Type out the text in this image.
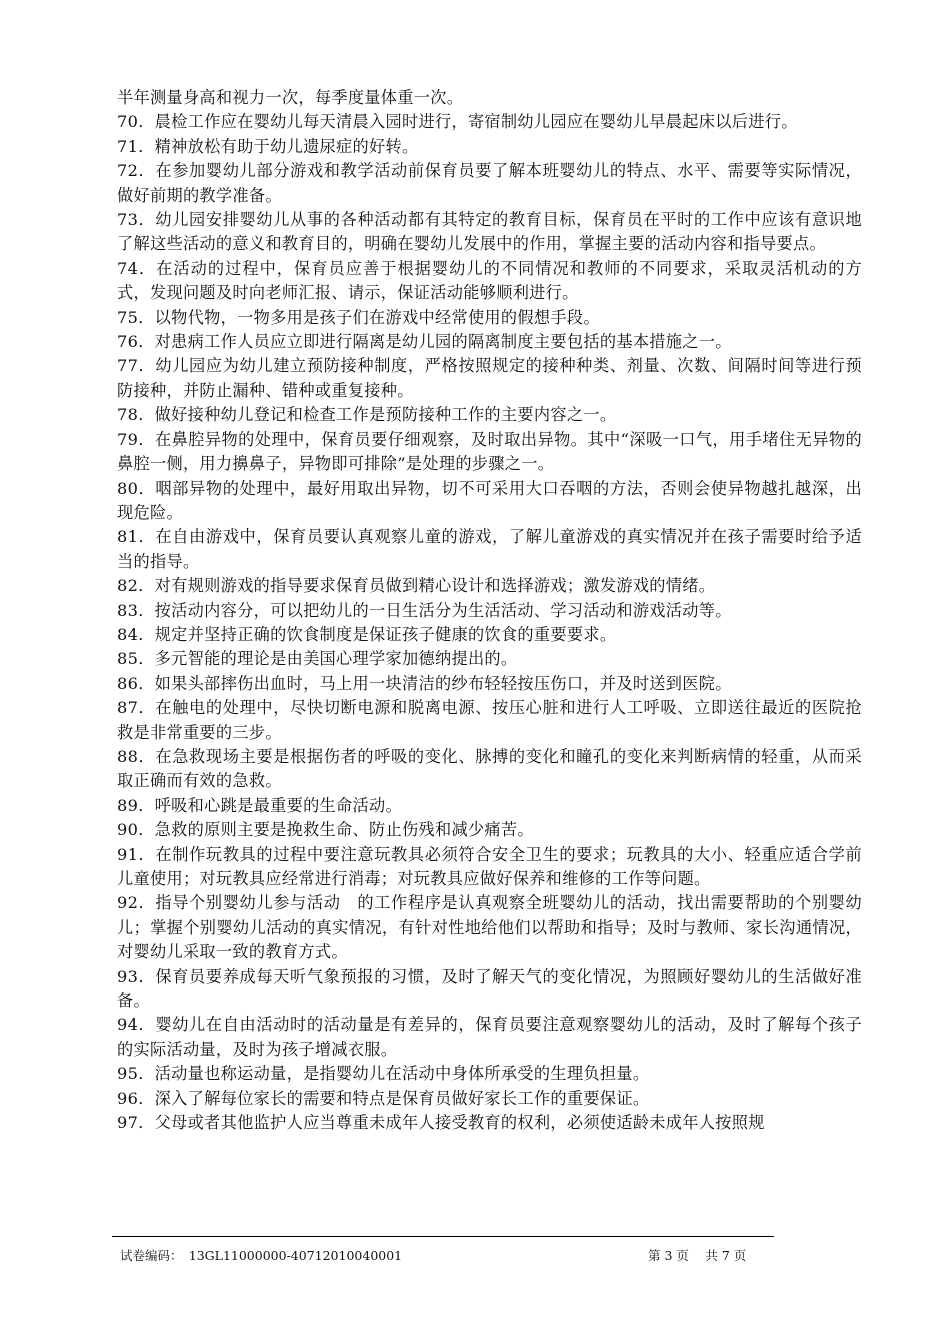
半年测量身高和视力一次，每季度量体重一次。

70．晨检工作应在婴幼儿每天清晨入园时进行，寄宿制幼儿园应在婴幼儿早晨起床以后进行。

71．精神放松有助于幼儿遗尿症的好转。

72．在参加婴幼儿部分游戏和教学活动前保育员要了解本班婴幼儿的特点、水平、需要等实际情况，做好前期的教学准备。

73．幼儿园安排婴幼儿从事的各种活动都有其特定的教育目标，保育员在平时的工作中应该有意识地了解这些活动的意义和教育目的，明确在婴幼儿发展中的作用，掌握主要的活动内容和指导要点。

74．在活动的过程中，保育员应善于根据婴幼儿的不同情况和教师的不同要求，采取灵活机动的方式，发现问题及时向老师汇报、请示，保证活动能够顺利进行。

75．以物代物，一物多用是孩子们在游戏中经常使用的假想手段。

76．对患病工作人员应立即进行隔离是幼儿园的隔离制度主要包括的基本措施之一。

77．幼儿园应为幼儿建立预防接种制度，严格按照规定的接种种类、剂量、次数、间隔时间等进行预防接种，并防止漏种、错种或重复接种。

78．做好接种幼儿登记和检查工作是预防接种工作的主要内容之一。

79．在鼻腔异物的处理中，保育员要仔细观察，及时取出异物。其中“深吸一口气，用手堵住无异物的鼻腔一侧，用力擤鼻子，异物即可排除”是处理的步骤之一。

80．咽部异物的处理中，最好用取出异物，切不可采用大口吞咽的方法，否则会使异物越扎越深，出现危险。

81．在自由游戏中，保育员要认真观察儿童的游戏，了解儿童游戏的真实情况并在孩子需要时给予适当的指导。

82．对有规则游戏的指导要求保育员做到精心设计和选择游戏；激发游戏的情绪。

83．按活动内容分，可以把幼儿的一日生活分为生活活动、学习活动和游戏活动等。

84．规定并坚持正确的饮食制度是保证孩子健康的饮食的重要要求。

85．多元智能的理论是由美国心理学家加德纳提出的。

86．如果头部摔伤出血时，马上用一块清洁的纱布轻轻按压伤口，并及时送到医院。

87．在触电的处理中，尽快切断电源和脱离电源、按压心脏和进行人工呼吸、立即送往最近的医院抢救是非常重要的三步。

88．在急救现场主要是根据伤者的呼吸的变化、脉搏的变化和瞳孔的变化来判断病情的轻重，从而采取正确而有效的急救。

89．呼吸和心跳是最重要的生命活动。

90．急救的原则主要是挽救生命、防止伤残和减少痛苦。

91．在制作玩教具的过程中要注意玩教具必须符合安全卫生的要求；玩教具的大小、轻重应适合学前儿童使用；对玩教具应经常进行消毒；对玩教具应做好保养和维修的工作等问题。

92．指导个别婴幼儿参与活动　的工作程序是认真观察全班婴幼儿的活动，找出需要帮助的个别婴幼儿；掌握个别婴幼儿活动的真实情况，有针对性地给他们以帮助和指导；及时与教师、家长沟通情况，对婴幼儿采取一致的教育方式。

93．保育员要养成每天听气象预报的习惯，及时了解天气的变化情况，为照顾好婴幼儿的生活做好准备。

94．婴幼儿在自由活动时的活动量是有差异的，保育员要注意观察婴幼儿的活动，及时了解每个孩子的实际活动量，及时为孩子增减衣服。

95．活动量也称运动量，是指婴幼儿在活动中身体所承受的生理负担量。

96．深入了解每位家长的需要和特点是保育员做好家长工作的重要保证。

97．父母或者其他监护人应当尊重未成年人接受教育的权利，必须使适龄未成年人按照规

试卷编码：　13GL11000000-40712010040001	第 3 页　 共 7 页
